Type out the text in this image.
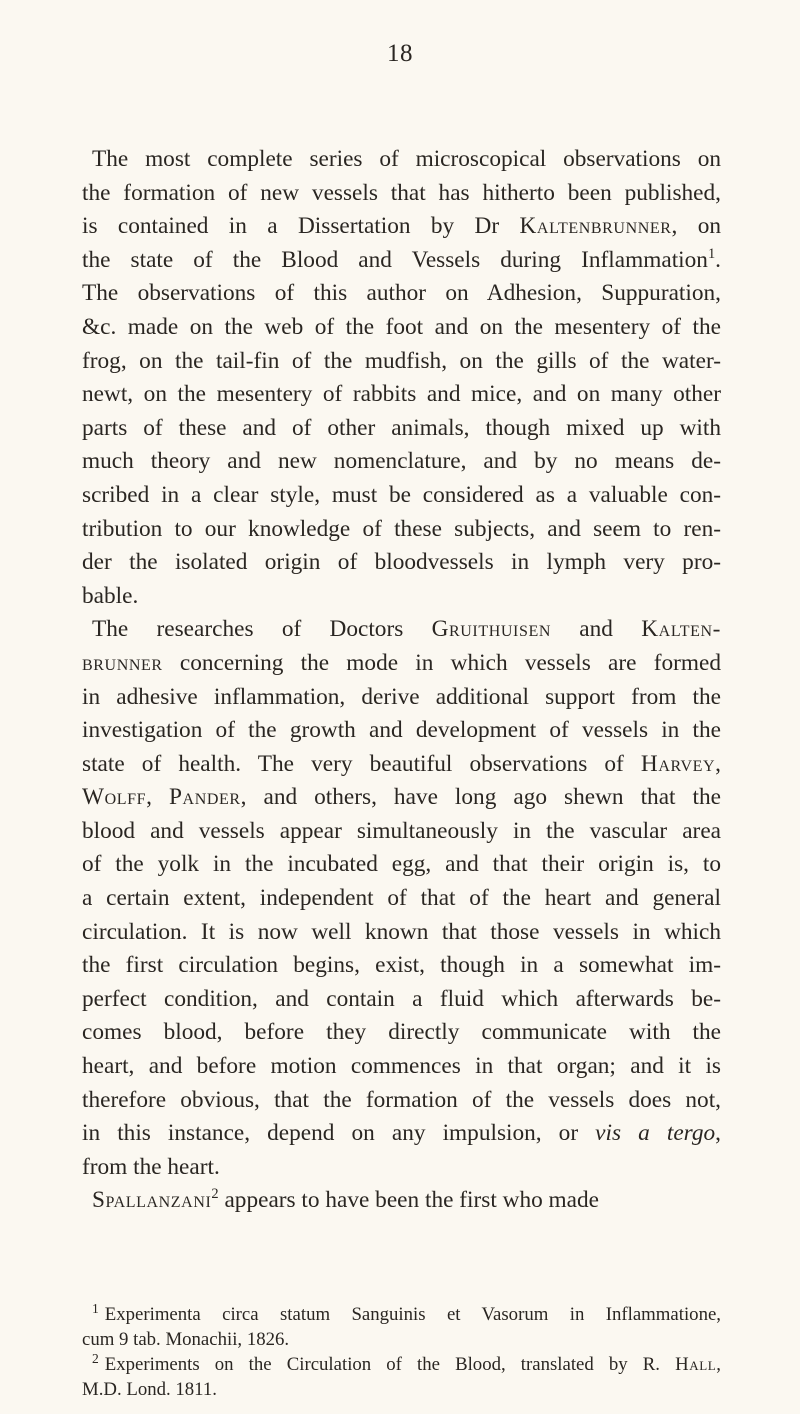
18
The most complete series of microscopical observations on
the formation of new vessels that has hitherto been published,
is contained in a Dissertation by Dr Kaltenbrunner, on
the state of the Blood and Vessels during Inflammation$^1$.
The observations of this author on Adhesion, Suppuration,
&c. made on the web of the foot and on the mesentery of the
frog, on the tail-fin of the mudfish, on the gills of the water-
newt, on the mesentery of rabbits and mice, and on many other
parts of these and of other animals, though mixed up with
much theory and new nomenclature, and by no means de-
scribed in a clear style, must be considered as a valuable con-
tribution to our knowledge of these subjects, and seem to ren-
der the isolated origin of bloodvessels in lymph very pro-
bable.
The researches of Doctors Gruithuisen and Kalten-
brunner concerning the mode in which vessels are formed
in adhesive inflammation, derive additional support from the
investigation of the growth and development of vessels in the
state of health. The very beautiful observations of Harvey,
Wolff, Pander, and others, have long ago shewn that the
blood and vessels appear simultaneously in the vascular area
of the yolk in the incubated egg, and that their origin is, to
a certain extent, independent of that of the heart and general
circulation. It is now well known that those vessels in which
the first circulation begins, exist, though in a somewhat im-
perfect condition, and contain a fluid which afterwards be-
comes blood, before they directly communicate with the
heart, and before motion commences in that organ; and it is
therefore obvious, that the formation of the vessels does not,
in this instance, depend on any impulsion, or vis a tergo,
from the heart.
Spallanzani$^2$ appears to have been the first who made
$^1$ Experimenta circa statum Sanguinis et Vasorum in Inflammatione,
cum 9 tab. Monachii, 1826.
$^2$ Experiments on the Circulation of the Blood, translated by R. Hall,
M.D. Lond. 1811.
